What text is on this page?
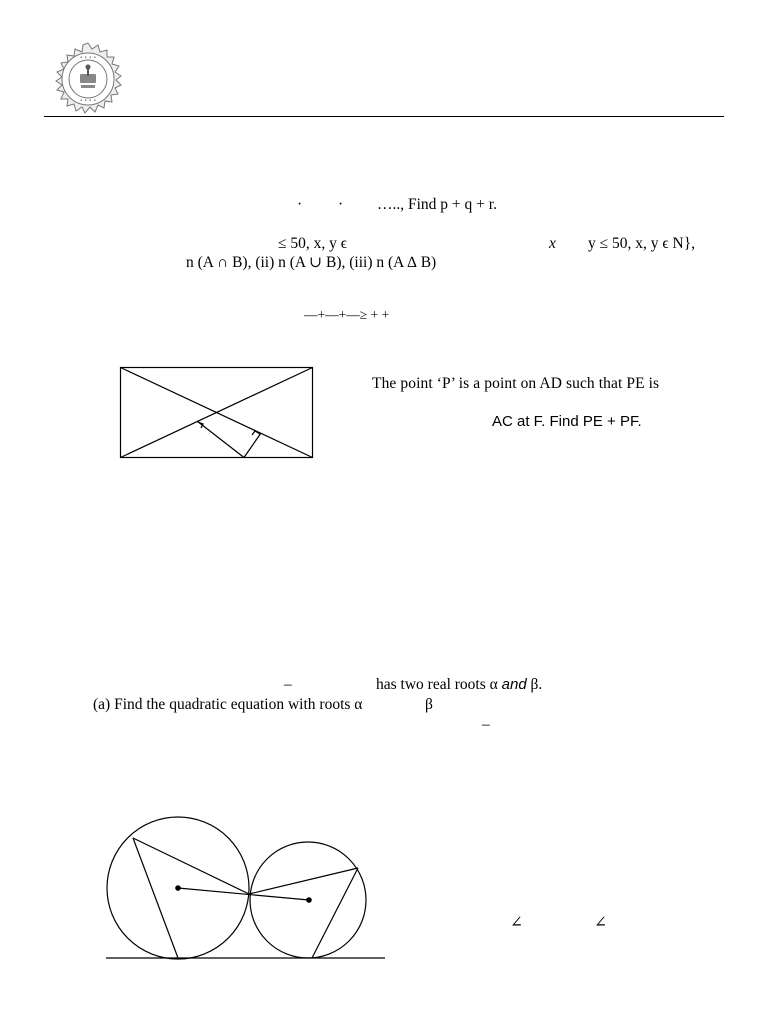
• • • •
• • • •
· · ….., Find p + q + r.
≤ 50, x, y ϵ	x y ≤ 50, x, y ϵ N},
n (A ∩ B), (ii) n (A ∪ B), (iii) n (A ∆ B)
—+—+—≥ + +
The point ‘P’ is a point on AD such that PE is
AC at F. Find PE + PF.
–	has two real roots α and β.
(a) Find the quadratic equation with roots α	β
–
∠	∠
